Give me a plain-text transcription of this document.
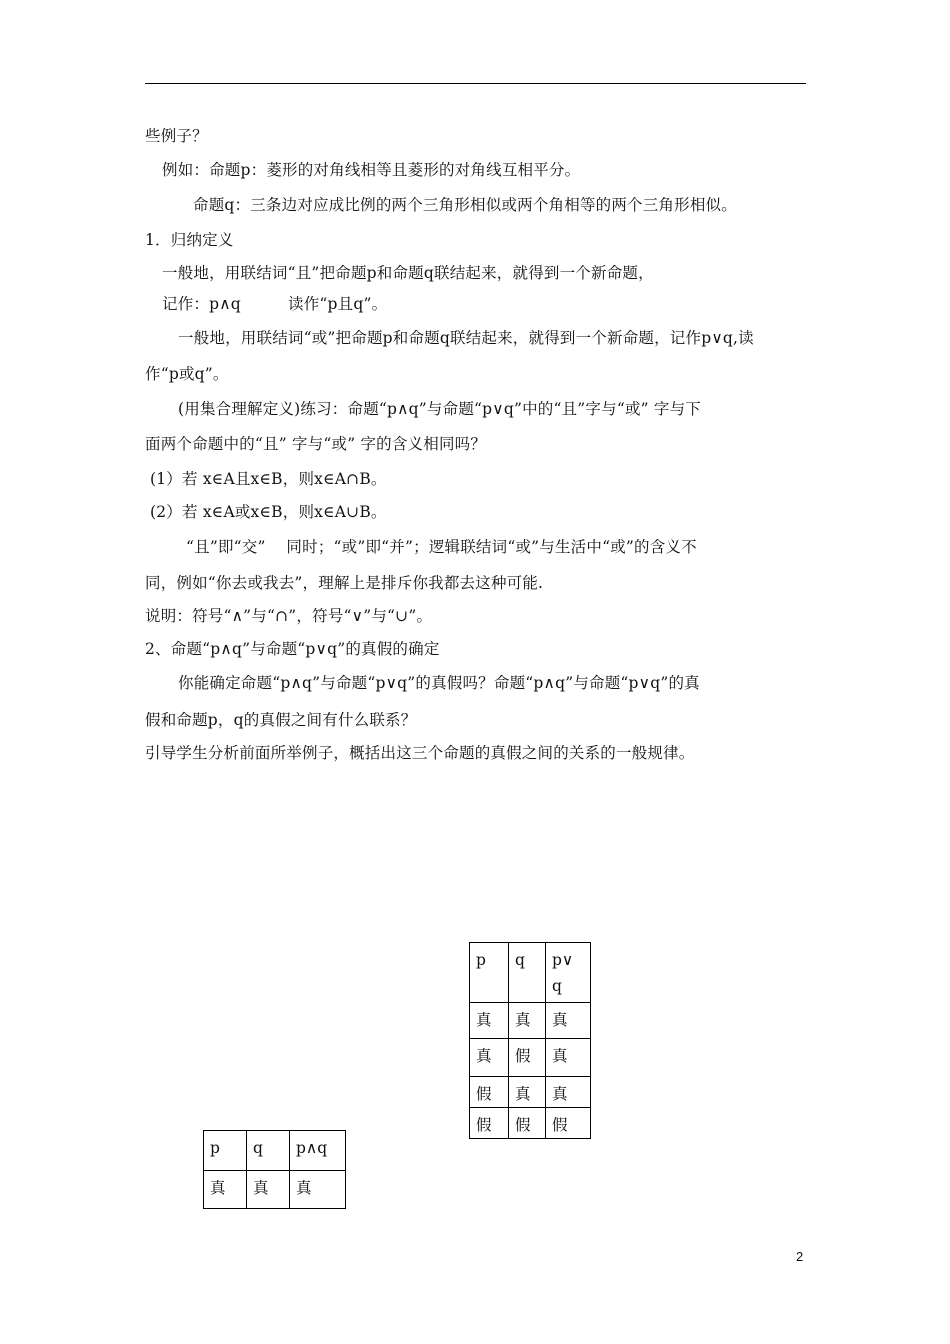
些例子？
例如：命题p：菱形的对角线相等且菱形的对角线互相平分。
命题q：三条边对应成比例的两个三角形相似或两个角相等的两个三角形相似。
1．归纳定义
一般地，用联结词“且”把命题p和命题q联结起来，就得到一个新命题，
记作：p∧q　　　读作“p且q”。
一般地，用联结词“或”把命题p和命题q联结起来，就得到一个新命题，记作p∨q,读
作“p或q”。
(用集合理解定义)练习：命题“p∧q”与命题“p∨q”中的“且”字与“或” 字与下
面两个命题中的“且” 字与“或” 字的含义相同吗？
(1）若 x∈A且x∈B，则x∈A∩B。
(2）若 x∈A或x∈B，则x∈A∪B。
“且”即“交”　 同时；“或”即“并”；逻辑联结词“或”与生活中“或”的含义不
同，例如“你去或我去”，理解上是排斥你我都去这种可能.
说明：符号“∧”与“∩”，符号“∨”与“∪”。
2、命题“p∧q”与命题“p∨q”的真假的确定
你能确定命题“p∧q”与命题“p∨q”的真假吗？命题“p∧q”与命题“p∨q”的真
假和命题p，q的真假之间有什么联系？
引导学生分析前面所举例子，概括出这三个命题的真假之间的关系的一般规律。
p	q	p∨
q

真	真	真
真	假	真
假	真	真
假	假	假
p	q	p∧q
真	真	真
2
